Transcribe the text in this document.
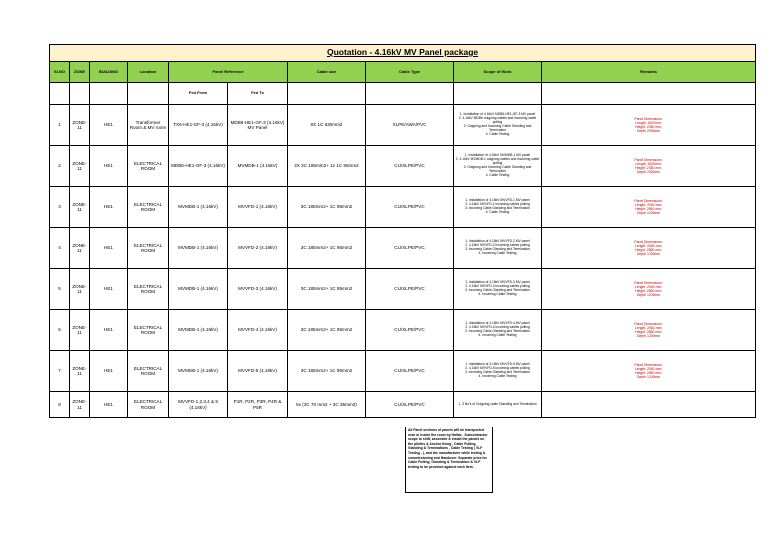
Quotation - 4.16kV MV Panel package									
Sl.NO	ZONE	BUILDING	Location	Panel Reference		Cable size	Cable Type	Scope of Work	Remarks

				Fed From	Fed To				
1	ZONE-11	HE1	Transformer Room & MV room	TX6-HE1-GF-3 (4.16kV)	MDB6-HE1-GF-3 (4.16kV) MV Panel	8X 1C 630mm2	XLPE/AWA/PVC	1. Installation of 4.16kV MDB6-HE1-GF-3 MV panel
2. 4.16kV MDB6 outgoing cables and incoming cable pulling
3. Outgoing and Incoming Cable Glanding and Termination
4. Cable Testing	Panel Dimensions:
Length: 4400mm;
Height: 2350 mm;
Depth 2000mm

2	ZONE-11	HE1	ELECTRICAL ROOM	MDB6-HE1-GF-3 (4.16kV)	MVMDB-1 (4.16kV)	2X 3C 185mm2+ 1x 1C 95mm2	CU/XLPE/PVC	1. Installation of 4.16kV MVMDB-1 MV panel
2. 4.16kV MVMDB-1 outgoing cables and incoming cable pulling
3. Outgoing and Incoming Cable Glanding and Termination
4. Cable Testing	Panel Dimensions:
Length: 4400mm;
Height: 2350 mm;
Depth 2000mm

3	ZONE-11	HE1	ELECTRICAL ROOM	MVMDB-1 (4.16kV)	MVVFD-1 (4.16kV)	3C 185mm2+ 1C 95mm2	CU/XLPE/PVC	1. Installation of 4.16kV MVVFD-1 MV panel
2. 4.16kV MVVFD-1 incoming cables pulling
3. Incoming Cable Glanding and Termination
4. Cable Testing	Panel Dimensions:
Length: 2060 mm;
Height: 2850 mm;
Depth 1200mm

4	ZONE-11	HE1	ELECTRICAL ROOM	MVMDB-1 (4.16kV)	MVVFD-2 (4.16kV)	3C 185mm2+ 1C 95mm2	CU/XLPE/PVC	1. Installation of 4.16kV MVVFD-2 MV panel
2. 4.16kV MVVFD-2 incoming cables pulling
3. Incoming Cable Glanding and Termination
4. Incoming Cable Testing	Panel Dimensions:
Length: 2060 mm;
Height: 2850 mm;
Depth 1200mm

5	ZONE-11	HE1	ELECTRICAL ROOM	MVMDB-1 (4.16kV)	MVVFD-3 (4.16kV)	3C 185mm2+ 1C 95mm2	CU/XLPE/PVC	1. Installation of 4.16kV MVVFD-3 MV panel
2. 4.16kV MVVFD-3 incoming cables pulling
3. Incoming Cable Glanding and Termination
4. Incoming Cable Testing	Panel Dimensions:
Length: 2060 mm;
Height: 2850 mm;
Depth 1200mm

6	ZONE-11	HE1	ELECTRICAL ROOM	MVMDB-1 (4.16kV)	MVVFD-4 (4.16kV)	3C 185mm2+ 1C 95mm2	CU/XLPE/PVC	1. Installation of 4.16kV MVVFD-4 MV panel
2. 4.16kV MVVFD-4 incoming cables pulling
3. Incoming Cable Glanding and Termination
4. Incoming Cable Testing	Panel Dimensions:
Length: 2060 mm;
Height: 2850 mm;
Depth 1200mm

7	ZONE-11	HE1	ELECTRICAL ROOM	MVMDB-1 (4.16kV)	MVVFD-5 (4.16kV)	3C 185mm2+ 1C 95mm2	CU/XLPE/PVC	1. Installation of 4.16kV MVVFD-5 MV panel
2. 4.16kV MVVFD-5 incoming cables pulling
3. Incoming Cable Glanding and Termination
4. Incoming Cable Testing	Panel Dimensions:
Length: 2060 mm;
Height: 2850 mm;
Depth 1200mm

8	ZONE-11	HE1	ELECTRICAL ROOM	MVVFD-1,2,3,4 & 5 (4.16kV)	P1R, P2R, P3R, P4R & P5R	5x (3C 70 mm2 + 3C 35mm2)	CU/XLPE/PVC	1. 3 No's of Outgoing cable Glanding and Termination	

All Panel sections of panels will be transported near or inside the room by Hallas . Subcontractor scope to shift, assemble & install the panels on the plinths & Anchor fixing , Cable Pulling, Glanding & Terminations , Cable Testing ( VLF Testing - ), and the manufacturer while testing & commissioning and Handover. Separate price for Cable Pulling, Glanding & Termination & VLF testing to be provided against each Item .
